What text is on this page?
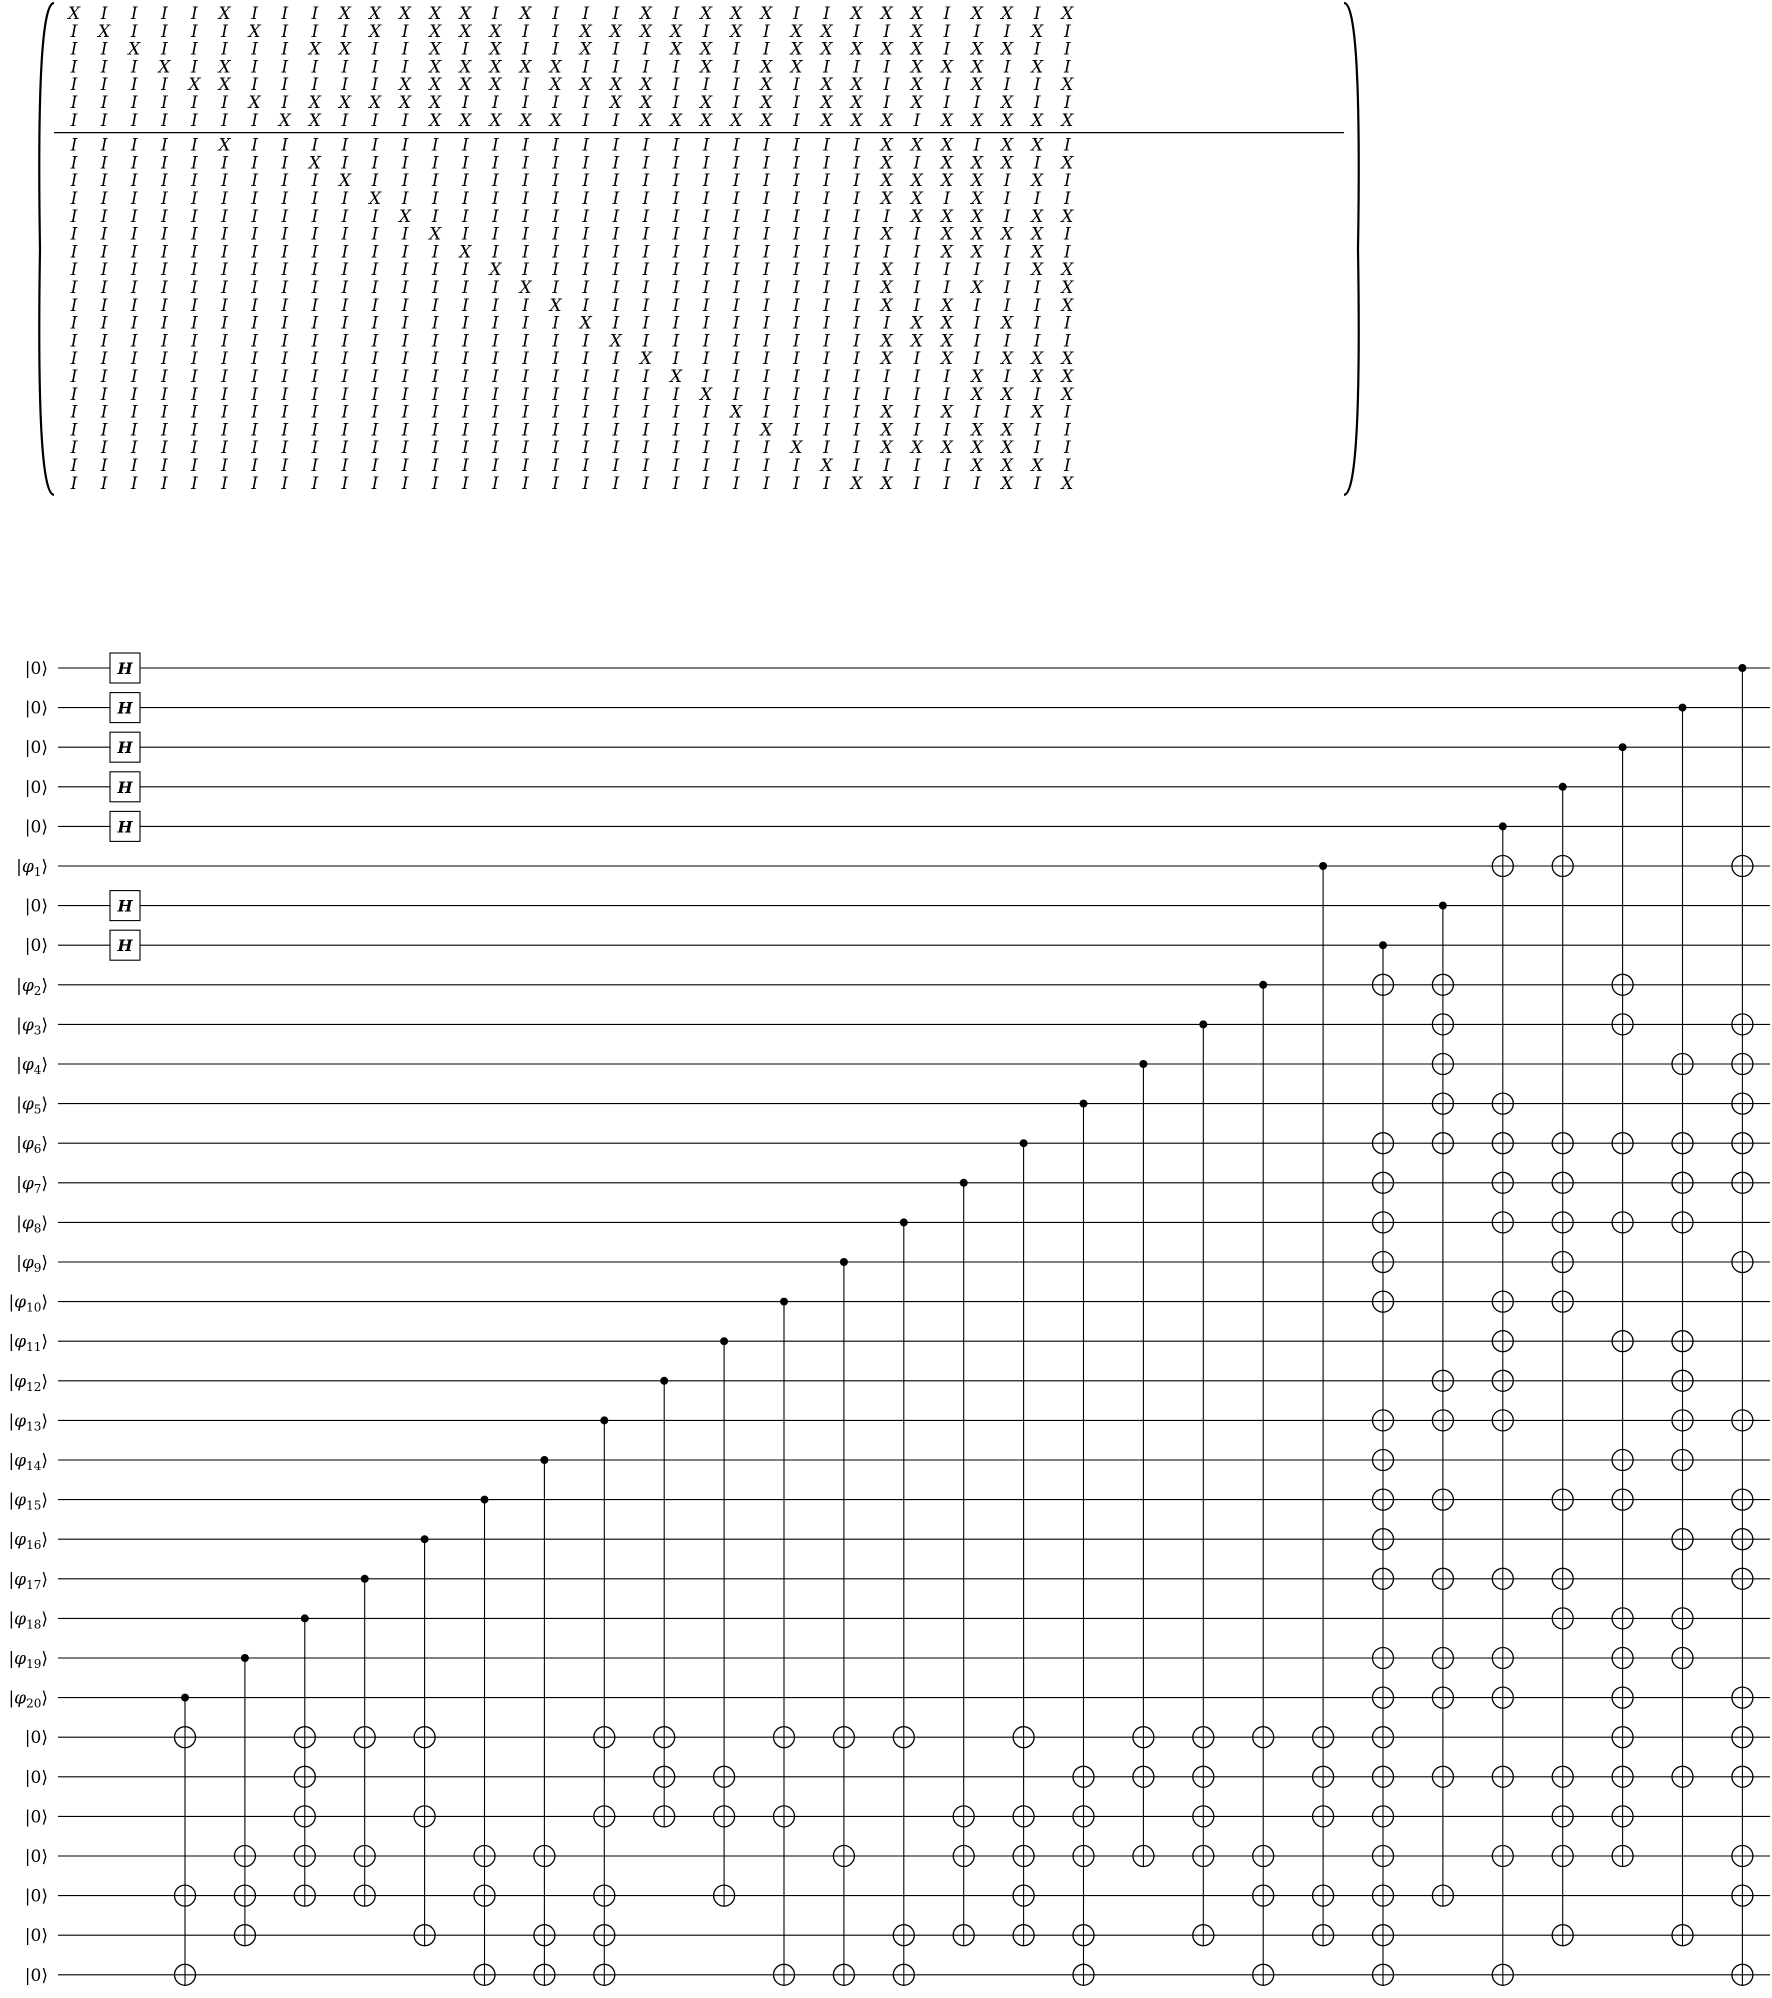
X I I I I X I I I X X X X X I X I I I X I X X X I I X X X I X X I X
I X I I I I X I I I X I X X X I I X X X X I X I X X I I X I I I X I
I I X I I I I I X X I I X I X I I X I I X X I I X X X X X I X X I I
I I I X I X I I I I I I X X X X X I I I I X I X X I I I X X X I X I
I I I I X X I I I I I X X X X I X X X X I I I X I X X I X I X I I X
I I I I I I X I X X X X X I I I I I X X I X I X I X X I X I I X I I
I I I I I I I X X I I I X X X X X I I X X X X X I X X X I X X X X X
I I I I I X I I I I I I I I I I I I I I I I I I I I I X X X I X X I
I I I I I I I I X I I I I I I I I I I I I I I I I I I X I X X X I X
I I I I I I I I I X I I I I I I I I I I I I I I I I I X X X X I X I
I I I I I I I I I I X I I I I I I I I I I I I I I I I X X I X I I I
I I I I I I I I I I I X I I I I I I I I I I I I I I I I X X X I X X
I I I I I I I I I I I I X I I I I I I I I I I I I I I X I X X X X I
I I I I I I I I I I I I I X I I I I I I I I I I I I I I I X X I X I
I I I I I I I I I I I I I I X I I I I I I I I I I I I X I I I I X X
I I I I I I I I I I I I I I I X I I I I I I I I I I I X I I X I I X
I I I I I I I I I I I I I I I I X I I I I I I I I I I X I X I I I X
I I I I I I I I I I I I I I I I I X I I I I I I I I I I X X I X I I
I I I I I I I I I I I I I I I I I I X I I I I I I I I X X X I I I I
I I I I I I I I I I I I I I I I I I I X I I I I I I I X I X I X X X
I I I I I I I I I I I I I I I I I I I I X I I I I I I I I I X I X X
I I I I I I I I I I I I I I I I I I I I I X I I I I I I I I X X I X
I I I I I I I I I I I I I I I I I I I I I I X I I I I X I X I I X I
I I I I I I I I I I I I I I I I I I I I I I I X I I I X I I X X I I
I I I I I I I I I I I I I I I I I I I I I I I I X I I X X X X X I I
I I I I I I I I I I I I I I I I I I I I I I I I I X I I I I X X X I
I I I I I I I I I I I I I I I I I I I I I I I I I I X X I I I X I X
|0⟩
|0⟩
|0⟩
|0⟩
|0⟩
$|\varphi_1⟩$
|0⟩
|0⟩
$|\varphi_2⟩$
$|\varphi_3⟩$
$|\varphi_4⟩$
$|\varphi_5⟩$
$|\varphi_6⟩$
$|\varphi_7⟩$
$|\varphi_8⟩$
$|\varphi_9⟩$
$|\varphi_{10}⟩$
$|\varphi_{11}⟩$
$|\varphi_{12}⟩$
$|\varphi_{13}⟩$
$|\varphi_{14}⟩$
$|\varphi_{15}⟩$
$|\varphi_{16}⟩$
$|\varphi_{17}⟩$
$|\varphi_{18}⟩$
$|\varphi_{19}⟩$
$|\varphi_{20}⟩$
|0⟩
|0⟩
|0⟩
|0⟩
|0⟩
|0⟩
|0⟩
H
H
H
H
H
H
H
